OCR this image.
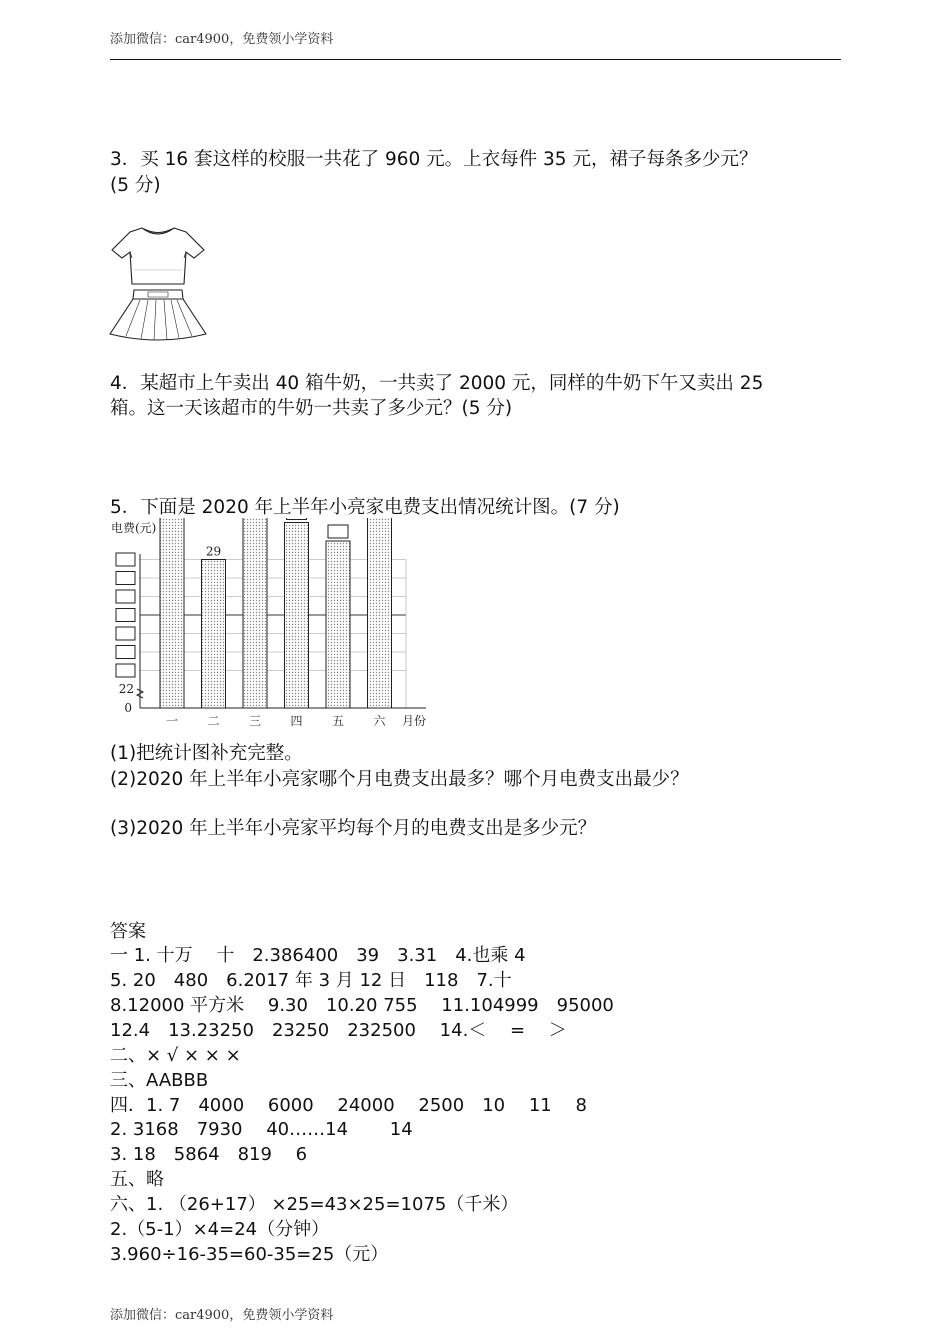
添加微信：car4900，免费领小学资料
3．买 16 套这样的校服一共花了 960 元。上衣每件 35 元，裙子每条多少元？
(5 分)
4．某超市上午卖出 40 箱牛奶，一共卖了 2000 元，同样的牛奶下午又卖出 25
箱。这一天该超市的牛奶一共卖了多少元？(5 分)
5．下面是 2020 年上半年小亮家电费支出情况统计图。(7 分)
电费(元)
29
22
0
一 二 三 四 五 六 月份
(1)把统计图补充完整。
(2)2020 年上半年小亮家哪个月电费支出最多？哪个月电费支出最少？
(3)2020 年上半年小亮家平均每个月的电费支出是多少元？
答案
一 1. 十万　 十　2.386400　39　3.31　4.也乘 4
5. 20　480　6.2017 年 3 月 12 日　118　7.十
8.12000 平方米　 9.30　10.20 755　 11.104999　95000
12.4　13.23250　23250　232500　 14.＜　 =　 ＞
二、× √ × × ×
三、AABBB
四．1. 7　4000　 6000　 24000　 2500　10　 11　 8
2. 3168　7930　 40……14　　 14
3. 18　5864　819　 6
五、略
六、1. （26+17） ×25=43×25=1075（千米）
2.（5-1）×4=24（分钟）
3.960÷16-35=60-35=25（元）
添加微信：car4900，免费领小学资料
